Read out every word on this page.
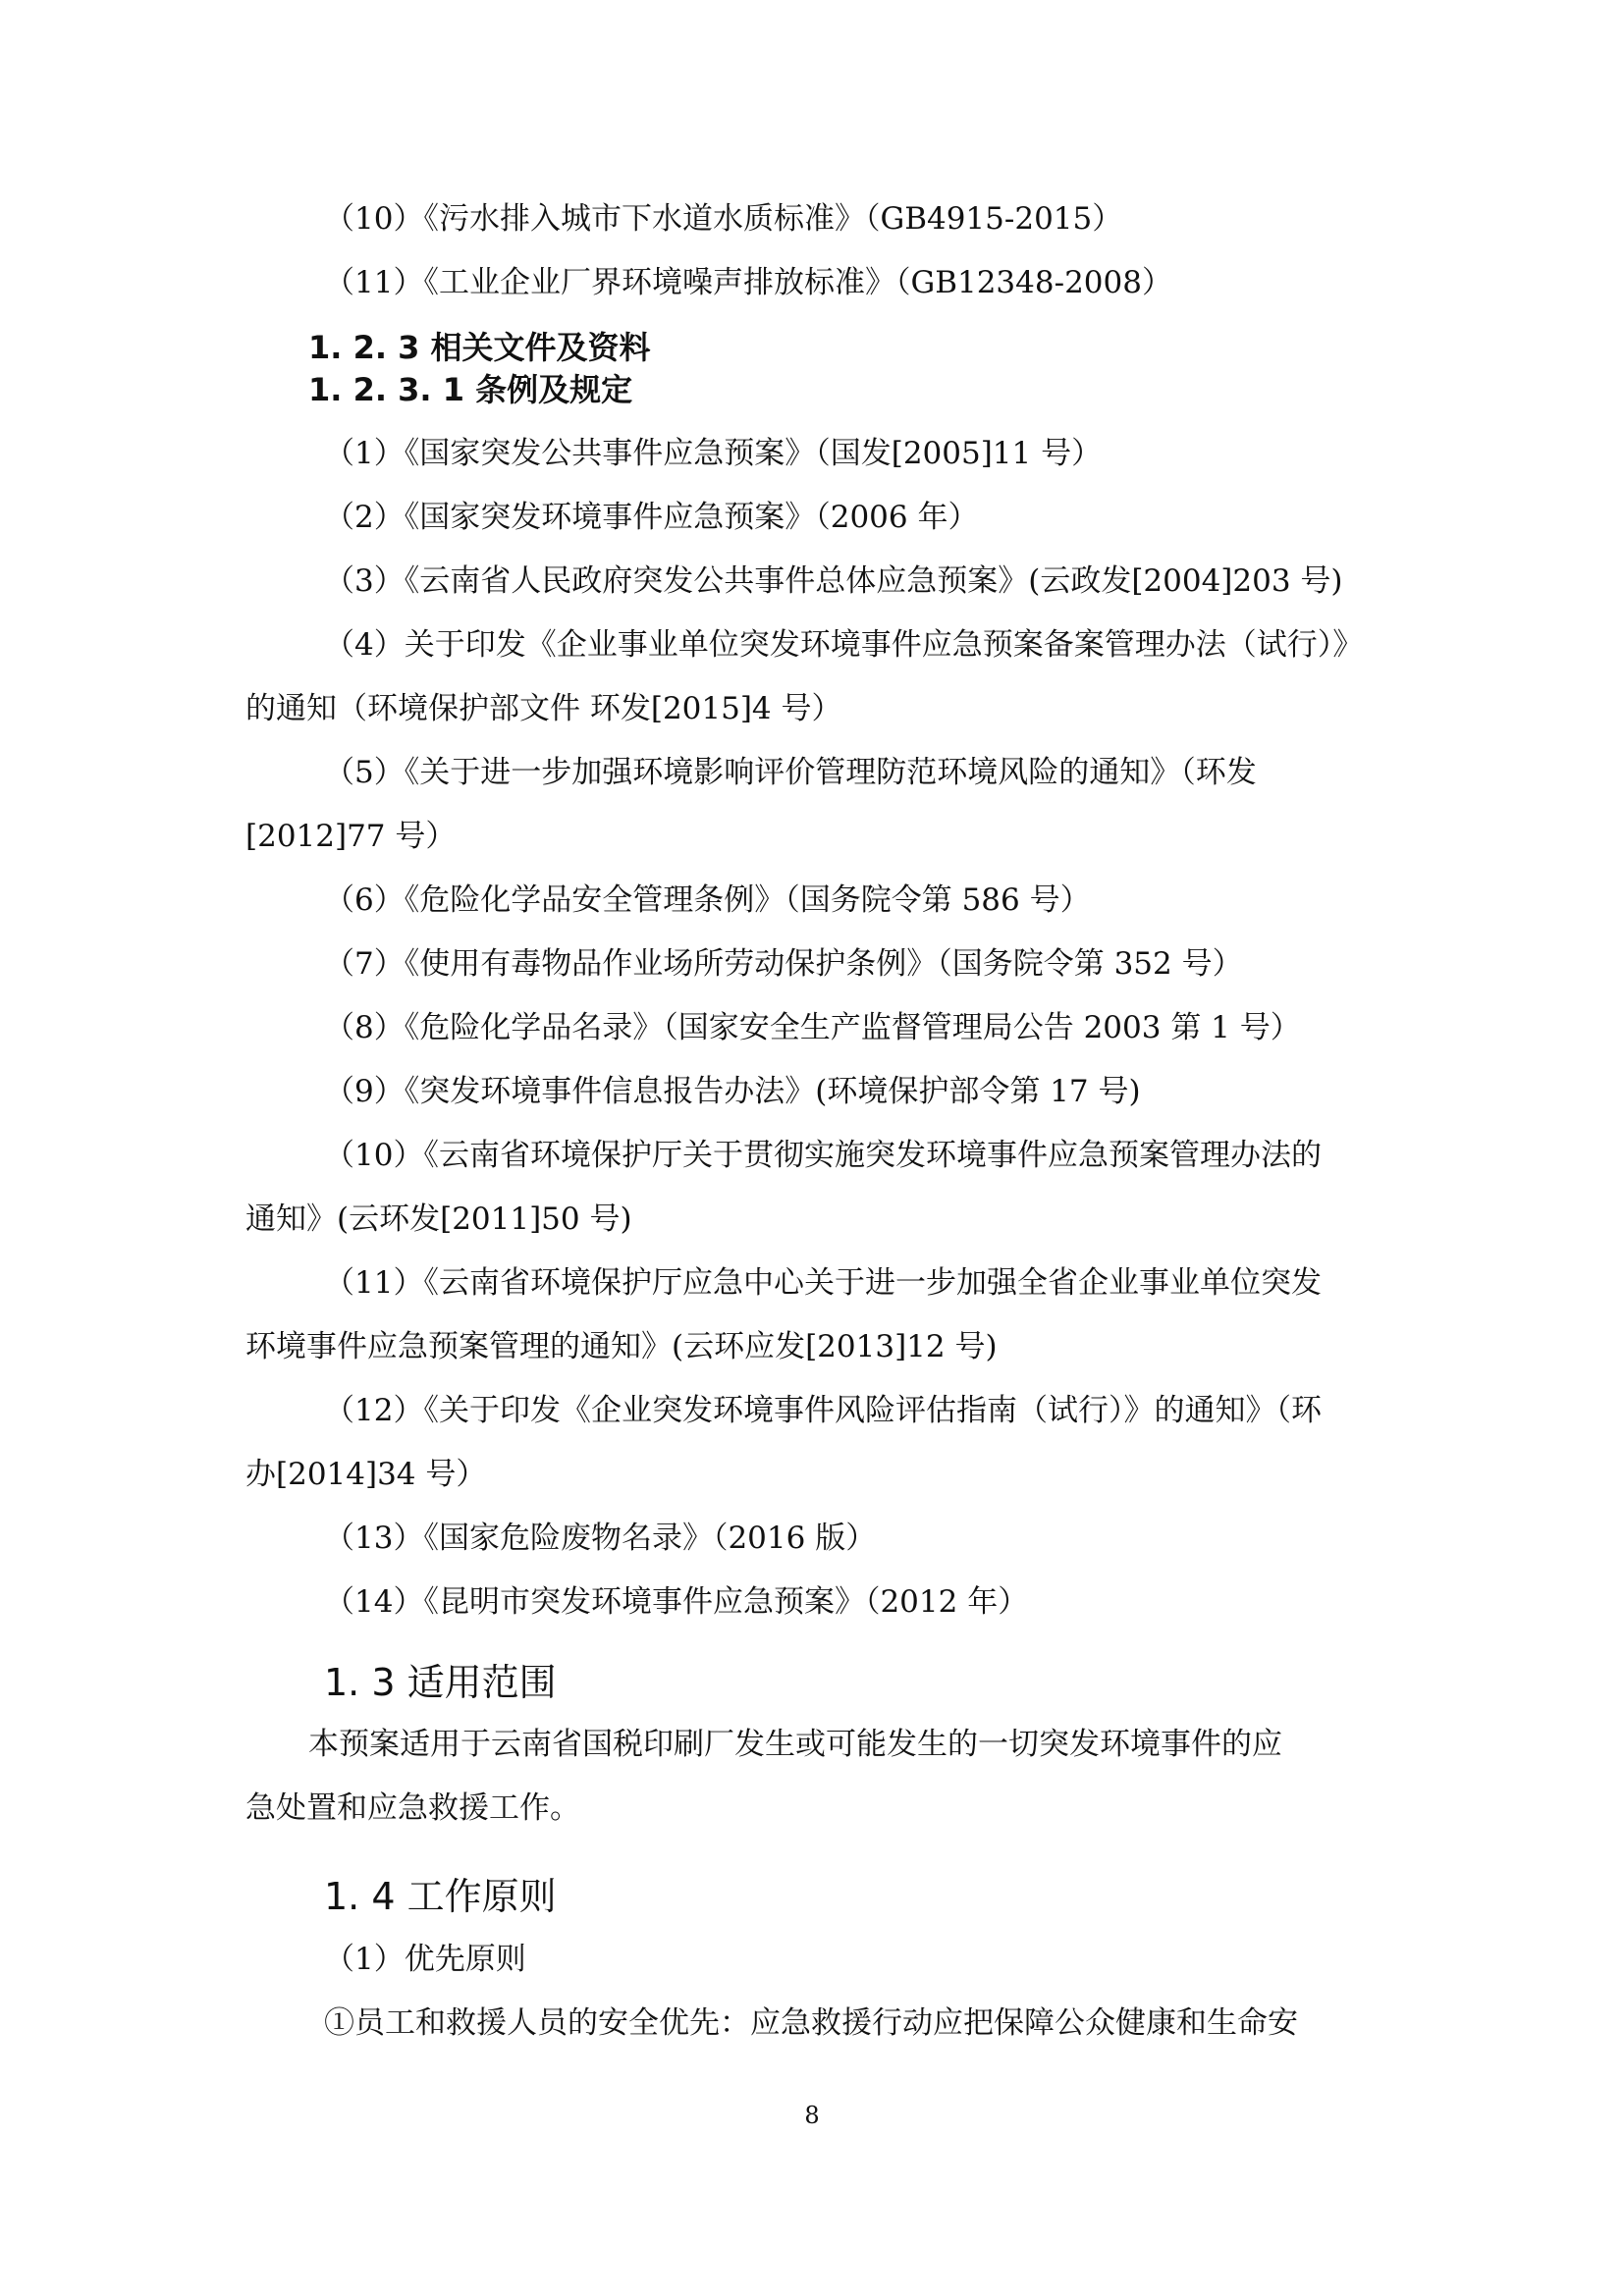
（10）《污水排入城市下水道水质标准》（GB4915-2015）
（11）《工业企业厂界环境噪声排放标准》（GB12348-2008）
1. 2. 3 相关文件及资料
1. 2. 3. 1 条例及规定
（1）《国家突发公共事件应急预案》（国发[2005]11 号）
（2）《国家突发环境事件应急预案》（2006 年）
（3）《云南省人民政府突发公共事件总体应急预案》(云政发[2004]203 号)
（4）关于印发《企业事业单位突发环境事件应急预案备案管理办法（试行）》
的通知（环境保护部文件 环发[2015]4 号）
（5）《关于进一步加强环境影响评价管理防范环境风险的通知》（环发
[2012]77 号）
（6）《危险化学品安全管理条例》（国务院令第 586 号）
（7）《使用有毒物品作业场所劳动保护条例》（国务院令第 352 号）
（8）《危险化学品名录》（国家安全生产监督管理局公告 2003 第 1 号）
（9）《突发环境事件信息报告办法》(环境保护部令第 17 号)
（10）《云南省环境保护厅关于贯彻实施突发环境事件应急预案管理办法的
通知》(云环发[2011]50 号)
（11）《云南省环境保护厅应急中心关于进一步加强全省企业事业单位突发
环境事件应急预案管理的通知》(云环应发[2013]12 号)
（12）《关于印发《企业突发环境事件风险评估指南（试行）》的通知》（环
办[2014]34 号）
（13）《国家危险废物名录》（2016 版）
（14）《昆明市突发环境事件应急预案》（2012 年）
1. 3 适用范围
本预案适用于云南省国税印刷厂发生或可能发生的一切突发环境事件的应
急处置和应急救援工作。
1. 4 工作原则
（1）优先原则
①员工和救援人员的安全优先：应急救援行动应把保障公众健康和生命安
8
